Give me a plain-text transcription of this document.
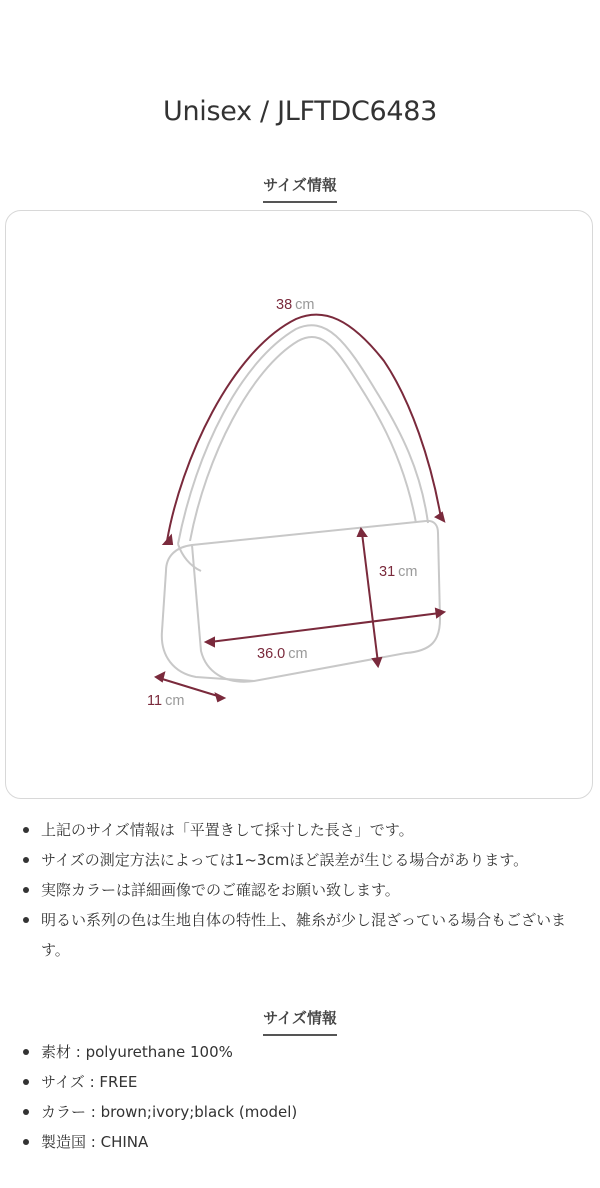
Unisex / JLFTDC6483
サイズ情報
38 cm
31 cm
36.0 cm
11 cm
上記のサイズ情報は「平置きして採寸した長さ」です。
サイズの測定方法によっては1~3cmほど誤差が生じる場合があります。
実際カラーは詳細画像でのご確認をお願い致します。
明るい系列の色は生地自体の特性上、雑糸が少し混ざっている場合もございます。
サイズ情報
素材 : polyurethane 100%
サイズ : FREE
カラー : brown;ivory;black (model)
製造国 : CHINA
